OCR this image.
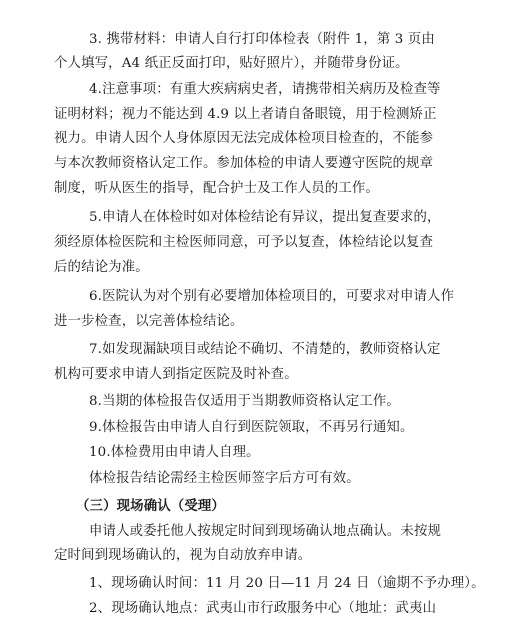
3. 携带材料：申请人自行打印体检表（附件 1，第 3 页由
个人填写，A4 纸正反面打印，贴好照片），并随带身份证。
4.注意事项：有重大疾病病史者，请携带相关病历及检查等
证明材料；视力不能达到 4.9 以上者请自备眼镜，用于检测矫正
视力。申请人因个人身体原因无法完成体检项目检查的，不能参
与本次教师资格认定工作。参加体检的申请人要遵守医院的规章
制度，听从医生的指导，配合护士及工作人员的工作。
5.申请人在体检时如对体检结论有异议，提出复查要求的，
须经原体检医院和主检医师同意，可予以复查，体检结论以复查
后的结论为准。
6.医院认为对个别有必要增加体检项目的，可要求对申请人作
进一步检查，以完善体检结论。
7.如发现漏缺项目或结论不确切、不清楚的，教师资格认定
机构可要求申请人到指定医院及时补查。
8.当期的体检报告仅适用于当期教师资格认定工作。
9.体检报告由申请人自行到医院领取，不再另行通知。
10.体检费用由申请人自理。
体检报告结论需经主检医师签字后方可有效。
（三）现场确认（受理）
申请人或委托他人按规定时间到现场确认地点确认。未按规
定时间到现场确认的，视为自动放弃申请。
1、现场确认时间：11 月 20 日—11 月 24 日（逾期不予办理）。
2、现场确认地点：武夷山市行政服务中心（地址：武夷山
